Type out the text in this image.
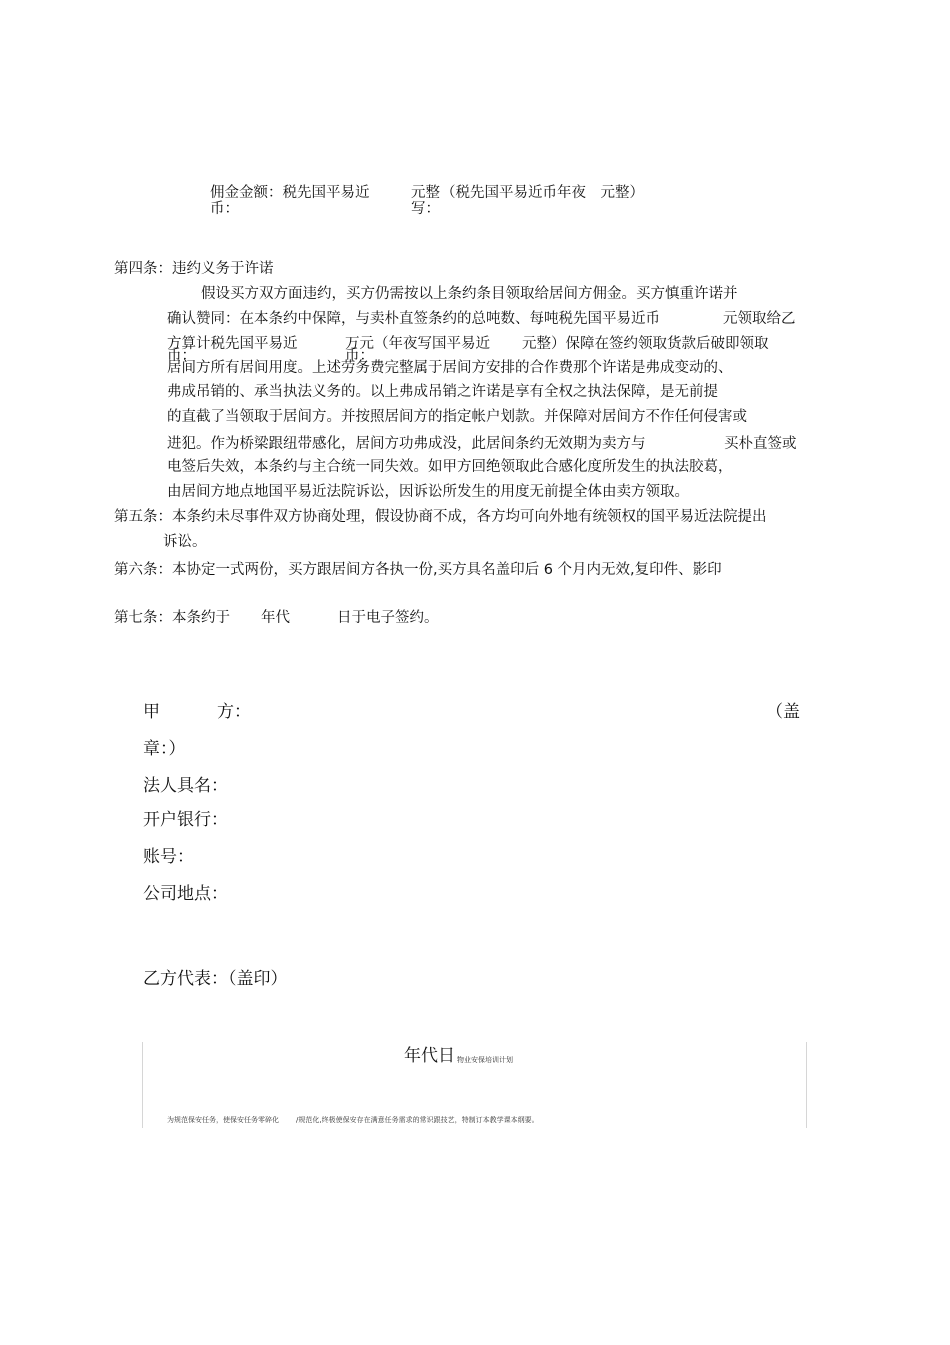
佣金金额：税先国平易近
币：
元整
写：
（税先国平易近币年夜　元整）
第四条：违约义务于许诺
假设买方双方面违约，买方仍需按以上条约条目领取给居间方佣金。买方慎重许诺并
确认赞同：在本条约中保障，与卖朴直签条约的总吨数、每吨税先国平易近币	元领取给乙
方算计税先国平易近	万元（年夜写国平易近 元整）保障在签约领取货款后破即领取
币：	币：
居间方所有居间用度。上述劳务费完整属于居间方安排的合作费那个许诺是弗成变动的、
弗成吊销的、承当执法义务的。以上弗成吊销之许诺是享有全权之执法保障，是无前提
的直截了当领取于居间方。并按照居间方的指定帐户划款。并保障对居间方不作任何侵害或
进犯。作为桥梁跟纽带感化，居间方功弗成没，此居间条约无效期为卖方与	买朴直签或
电签后失效，本条约与主合统一同失效。如甲方回绝领取此合感化度所发生的执法胶葛，
由居间方地点地国平易近法院诉讼，因诉讼所发生的用度无前提全体由卖方领取。
第五条：本条约未尽事件双方协商处理，假设协商不成，各方均可向外地有统领权的国平易近法院提出
诉讼。
第六条：本协定一式两份，买方跟居间方各执一份,买方具名盖印后 6 个月内无效,复印件、影印
第七条：本条约于 年代	日于电子签约。
甲	方：	（盖
章：）
法人具名：
开户银行：
账号：
公司地点：
乙方代表：（盖印）
年代日 物业安保培训计划
为规范保安任务，使保安任务零碎化 /规范化,终极使保安存在满意任务需求的常识跟技艺，特制订本教学课本纲要。
